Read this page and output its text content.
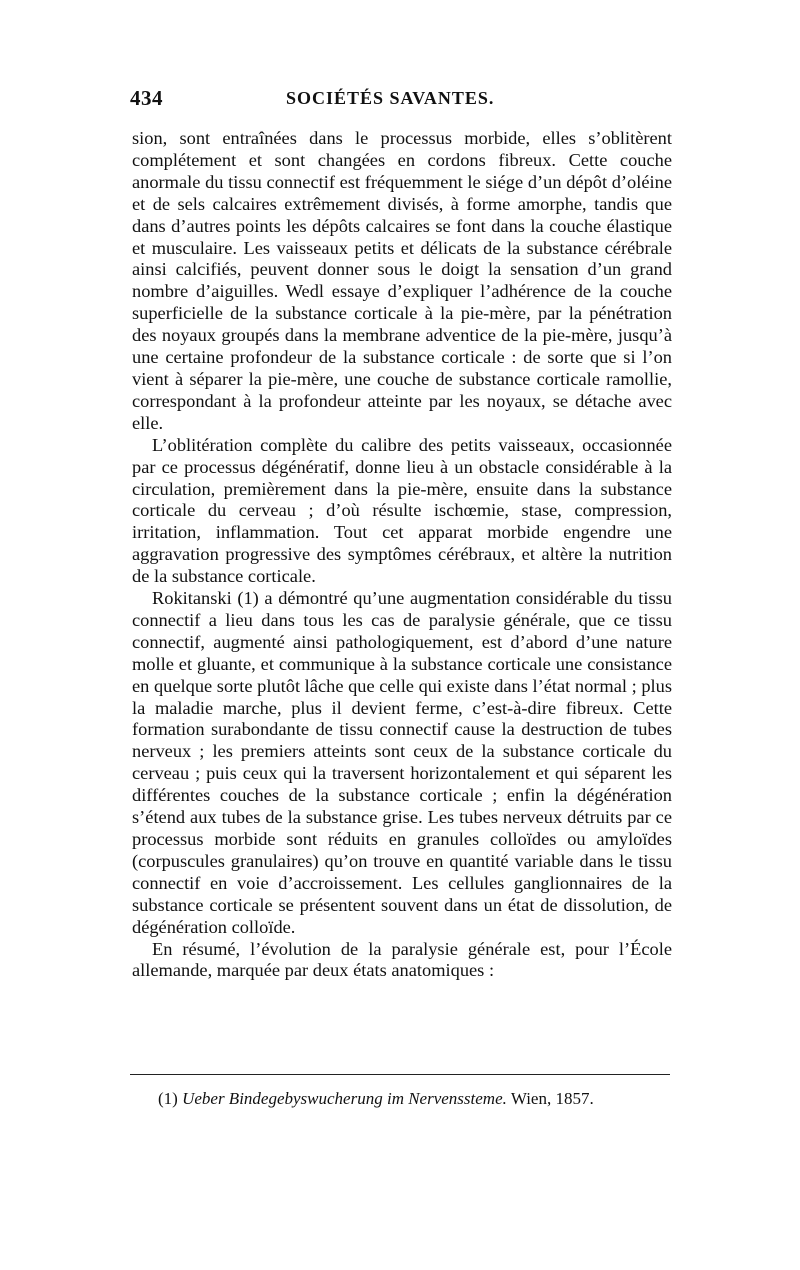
434	SOCIÉTÉS SAVANTES.

sion, sont entraînées dans le processus morbide, elles s’oblitèrent complétement et sont changées en cordons fibreux. Cette couche anormale du tissu connectif est fréquemment le siége d’un dépôt d’oléine et de sels calcaires extrêmement divisés, à forme amorphe, tandis que dans d’autres points les dépôts calcaires se font dans la couche élastique et musculaire. Les vaisseaux petits et délicats de la substance cérébrale ainsi calcifiés, peuvent donner sous le doigt la sensation d’un grand nombre d’aiguilles. Wedl essaye d’expliquer l’adhérence de la couche superficielle de la substance corticale à la pie-mère, par la pénétration des noyaux groupés dans la membrane adventice de la pie-mère, jusqu’à une certaine profondeur de la substance corticale : de sorte que si l’on vient à séparer la pie-mère, une couche de substance corticale ramollie, correspondant à la profondeur atteinte par les noyaux, se détache avec elle.

L’oblitération complète du calibre des petits vaisseaux, occasionnée par ce processus dégénératif, donne lieu à un obstacle considérable à la circulation, premièrement dans la pie-mère, ensuite dans la substance corticale du cerveau ; d’où résulte ischœmie, stase, compression, irritation, inflammation. Tout cet apparat morbide engendre une aggravation progressive des symptômes cérébraux, et altère la nutrition de la substance corticale.

Rokitanski (1) a démontré qu’une augmentation considérable du tissu connectif a lieu dans tous les cas de paralysie générale, que ce tissu connectif, augmenté ainsi pathologiquement, est d’abord d’une nature molle et gluante, et communique à la substance corticale une consistance en quelque sorte plutôt lâche que celle qui existe dans l’état normal ; plus la maladie marche, plus il devient ferme, c’est-à-dire fibreux. Cette formation surabondante de tissu connectif cause la destruction de tubes nerveux ; les premiers atteints sont ceux de la substance corticale du cerveau ; puis ceux qui la traversent horizontalement et qui séparent les différentes couches de la substance corticale ; enfin la dégénération s’étend aux tubes de la substance grise. Les tubes nerveux détruits par ce processus morbide sont réduits en granules colloïdes ou amyloïdes (corpuscules granulaires) qu’on trouve en quantité variable dans le tissu connectif en voie d’accroissement. Les cellules ganglionnaires de la substance corticale se présentent souvent dans un état de dissolution, de dégénération colloïde.

En résumé, l’évolution de la paralysie générale est, pour l’École allemande, marquée par deux états anatomiques :

(1) Ueber Bindegebyswucherung im Nervenssteme. Wien, 1857.
